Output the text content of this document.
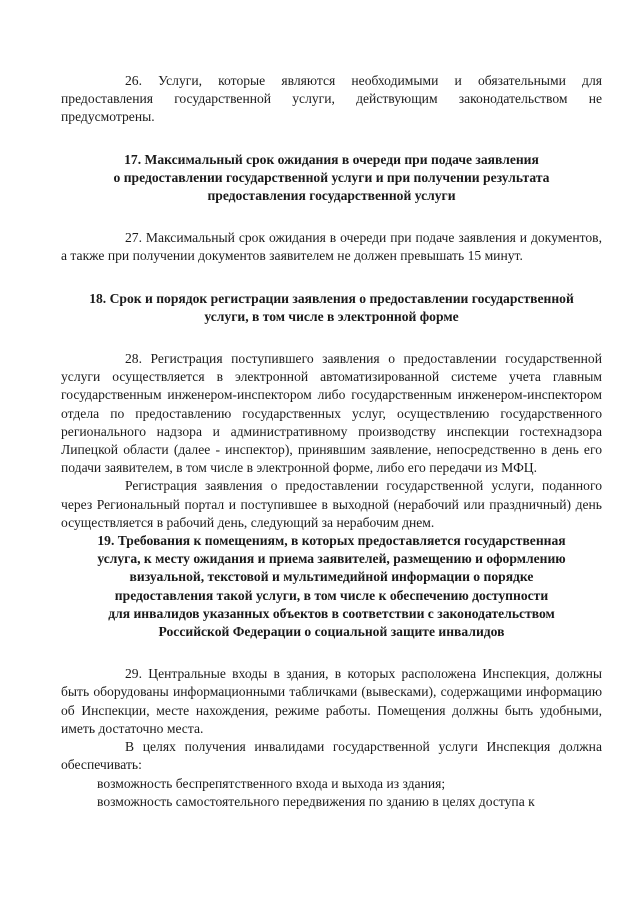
26. Услуги, которые являются необходимыми и обязательными для предоставления государственной услуги, действующим законодательством не предусмотрены.

17. Максимальный срок ожидания в очереди при подаче заявления
о предоставлении государственной услуги и при получении результата
предоставления государственной услуги

27. Максимальный срок ожидания в очереди при подаче заявления и документов, а также при получении документов заявителем не должен превышать 15 минут.

18. Срок и порядок регистрации заявления о предоставлении государственной
услуги, в том числе в электронной форме

28. Регистрация поступившего заявления о предоставлении государственной услуги осуществляется в электронной автоматизированной системе учета главным государственным инженером-инспектором либо государственным инженером-инспектором отдела по предоставлению государственных услуг, осуществлению государственного регионального надзора и административному производству инспекции гостехнадзора Липецкой области (далее - инспектор), принявшим заявление, непосредственно в день его подачи заявителем, в том числе в электронной форме, либо его передачи из МФЦ.

Регистрация заявления о предоставлении государственной услуги, поданного через Региональный портал и поступившее в выходной (нерабочий или праздничный) день осуществляется в рабочий день, следующий за нерабочим днем.

19. Требования к помещениям, в которых предоставляется государственная
услуга, к месту ожидания и приема заявителей, размещению и оформлению
визуальной, текстовой и мультимедийной информации о порядке
предоставления такой услуги, в том числе к обеспечению доступности
для инвалидов указанных объектов в соответствии с законодательством
Российской Федерации о социальной защите инвалидов

29. Центральные входы в здания, в которых расположена Инспекция, должны быть оборудованы информационными табличками (вывесками), содержащими информацию об Инспекции, месте нахождения, режиме работы. Помещения должны быть удобными, иметь достаточно места.

В целях получения инвалидами государственной услуги Инспекция должна обеспечивать:

возможность беспрепятственного входа и выхода из здания;

возможность самостоятельного передвижения по зданию в целях доступа к
